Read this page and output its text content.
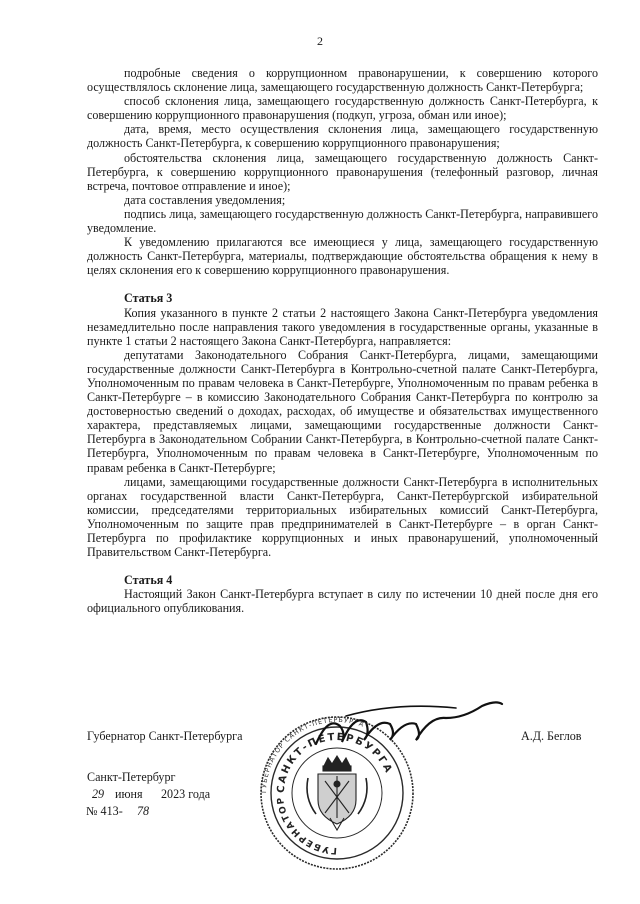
2

подробные сведения о коррупционном правонарушении, к совершению которого осуществлялось склонение лица, замещающего государственную должность Санкт-Петербурга;

способ склонения лица, замещающего государственную должность Санкт-Петербурга, к совершению коррупционного правонарушения (подкуп, угроза, обман или иное);

дата, время, место осуществления склонения лица, замещающего государственную должность Санкт-Петербурга, к совершению коррупционного правонарушения;

обстоятельства склонения лица, замещающего государственную должность Санкт-Петербурга, к совершению коррупционного правонарушения (телефонный разговор, личная встреча, почтовое отправление и иное);

дата составления уведомления;

подпись лица, замещающего государственную должность Санкт-Петербурга, направившего уведомление.

К уведомлению прилагаются все имеющиеся у лица, замещающего государственную должность Санкт-Петербурга, материалы, подтверждающие обстоятельства обращения к нему в целях склонения его к совершению коррупционного правонарушения.

Статья 3

Копия указанного в пункте 2 статьи 2 настоящего Закона Санкт-Петербурга уведомления незамедлительно после направления такого уведомления в государственные органы, указанные в пункте 1 статьи 2 настоящего Закона Санкт-Петербурга, направляется:

депутатами Законодательного Собрания Санкт-Петербурга, лицами, замещающими государственные должности Санкт-Петербурга в Контрольно-счетной палате Санкт-Петербурга, Уполномоченным по правам человека в Санкт-Петербурге, Уполномоченным по правам ребенка в Санкт-Петербурге – в комиссию Законодательного Собрания Санкт-Петербурга по контролю за достоверностью сведений о доходах, расходах, об имуществе и обязательствах имущественного характера, представляемых лицами, замещающими государственные должности Санкт-Петербурга в Законодательном Собрании Санкт-Петербурга, в Контрольно-счетной палате Санкт-Петербурга, Уполномоченным по правам человека в Санкт-Петербурге, Уполномоченным по правам ребенка в Санкт-Петербурге;

лицами, замещающими государственные должности Санкт-Петербурга в исполнительных органах государственной власти Санкт-Петербурга, Санкт-Петербургской избирательной комиссии, председателями территориальных избирательных комиссий Санкт-Петербурга, Уполномоченным по защите прав предпринимателей в Санкт-Петербурге – в орган Санкт-Петербурга по профилактике коррупционных и иных правонарушений, уполномоченный Правительством Санкт-Петербурга.

Статья 4

Настоящий Закон Санкт-Петербурга вступает в силу по истечении 10 дней после дня его официального опубликования.

Губернатор Санкт-Петербурга	А.Д. Беглов
Санкт-Петербург
29 июня 2023 года
№ 413- 78
ГУБЕРНАТОР САНКТ-ПЕТЕРБУРГА
САНКТ-ПЕТЕРБУРГА
ГУБЕРНАТОР
